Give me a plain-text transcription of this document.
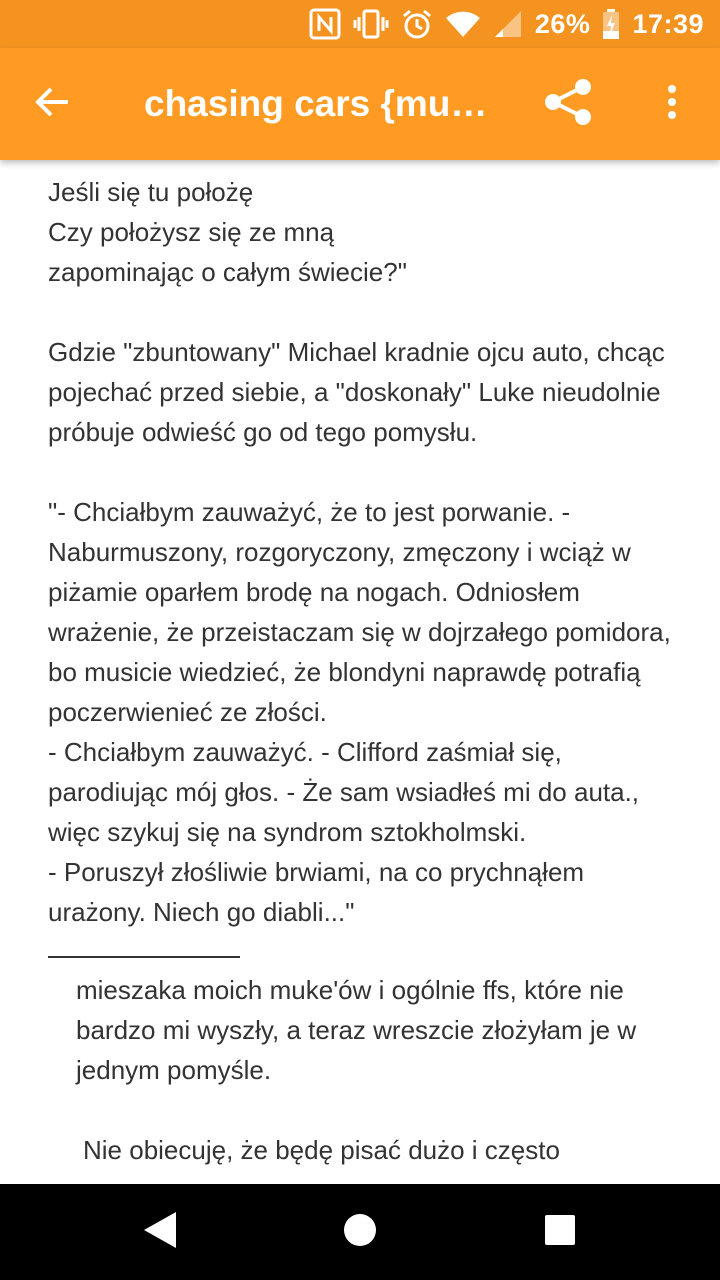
26% 17:39
chasing cars {mu…

Jeśli się tu położę

Czy położysz się ze mną

zapominając o całym świecie?"

Gdzie "zbuntowany" Michael kradnie ojcu auto, chcąc pojechać przed siebie, a "doskonały" Luke nieudolnie próbuje odwieść go od tego pomysłu.

"- Chciałbym zauważyć, że to jest porwanie. - Naburmuszony, rozgoryczony, zmęczony i wciąż w piżamie oparłem brodę na nogach. Odniosłem wrażenie, że przeistaczam się w dojrzałego pomidora, bo musicie wiedzieć, że blondyni naprawdę potrafią poczerwienieć ze złości.

- Chciałbym zauważyć. - Clifford zaśmiał się, parodiując mój głos. - Że sam wsiadłeś mi do auta., więc szykuj się na syndrom sztokholmski.

- Poruszył złośliwie brwiami, na co prychnąłem urażony. Niech go diabli..."

mieszaka moich muke'ów i ogólnie ffs, które nie bardzo mi wyszły, a teraz wreszcie złożyłam je w jednym pomyśle.

Nie obiecuję, że będę pisać dużo i często
